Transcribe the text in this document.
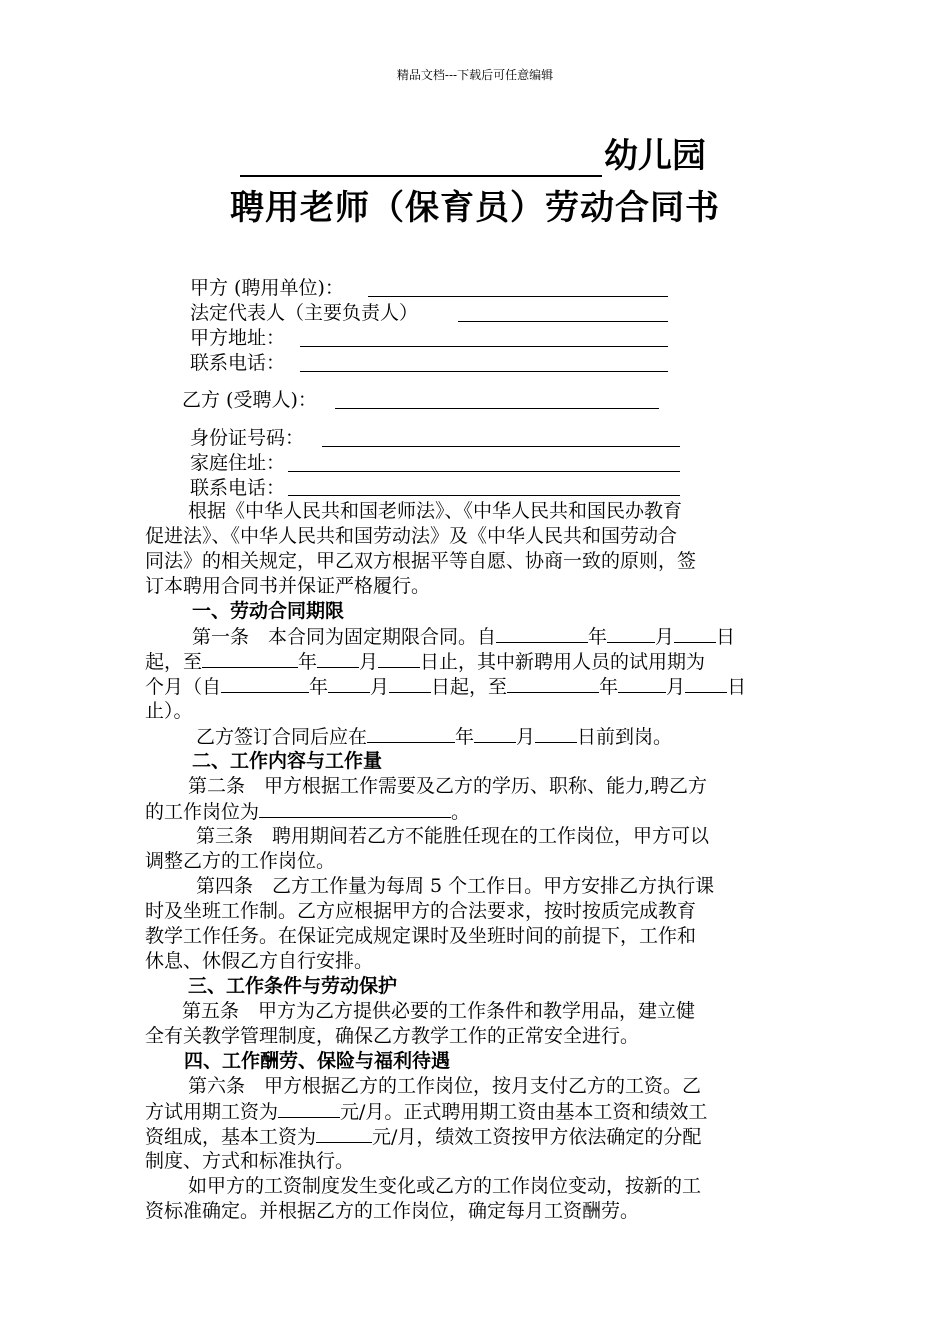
精品文档---下载后可任意编辑
幼儿园
聘用老师（保育员）劳动合同书
甲方 (聘用单位)：
法定代表人（主要负责人）
甲方地址：
联系电话：
乙方 (受聘人)：
身份证号码：
家庭住址：
联系电话：
根据《中华人民共和国老师法》、《中华人民共和国民办教育
促进法》、《中华人民共和国劳动法》及《中华人民共和国劳动合
同法》的相关规定，甲乙双方根据平等自愿、协商一致的原则，签
订本聘用合同书并保证严格履行。
一、劳动合同期限
第一条　本合同为固定期限合同。自	年	月 日
起，至	年 月 日止，其中新聘用人员的试用期为
个月（自	年 月 日起，至	年	月 日
止）。
乙方签订合同后应在	年 月 日前到岗。
二、工作内容与工作量
第二条　甲方根据工作需要及乙方的学历、职称、能力,聘乙方
的工作岗位为	。
第三条　聘用期间若乙方不能胜任现在的工作岗位，甲方可以
调整乙方的工作岗位。
第四条　乙方工作量为每周 5 个工作日。甲方安排乙方执行课
时及坐班工作制。乙方应根据甲方的合法要求，按时按质完成教育
教学工作任务。在保证完成规定课时及坐班时间的前提下，工作和
休息、休假乙方自行安排。
三、工作条件与劳动保护
第五条　甲方为乙方提供必要的工作条件和教学用品，建立健
全有关教学管理制度，确保乙方教学工作的正常安全进行。
四、工作酬劳、保险与福利待遇
第六条　甲方根据乙方的工作岗位，按月支付乙方的工资。乙
方试用期工资为	元/月。正式聘用期工资由基本工资和绩效工
资组成，基本工资为	元/月，绩效工资按甲方依法确定的分配
制度、方式和标准执行。
如甲方的工资制度发生变化或乙方的工作岗位变动，按新的工
资标准确定。并根据乙方的工作岗位，确定每月工资酬劳。
